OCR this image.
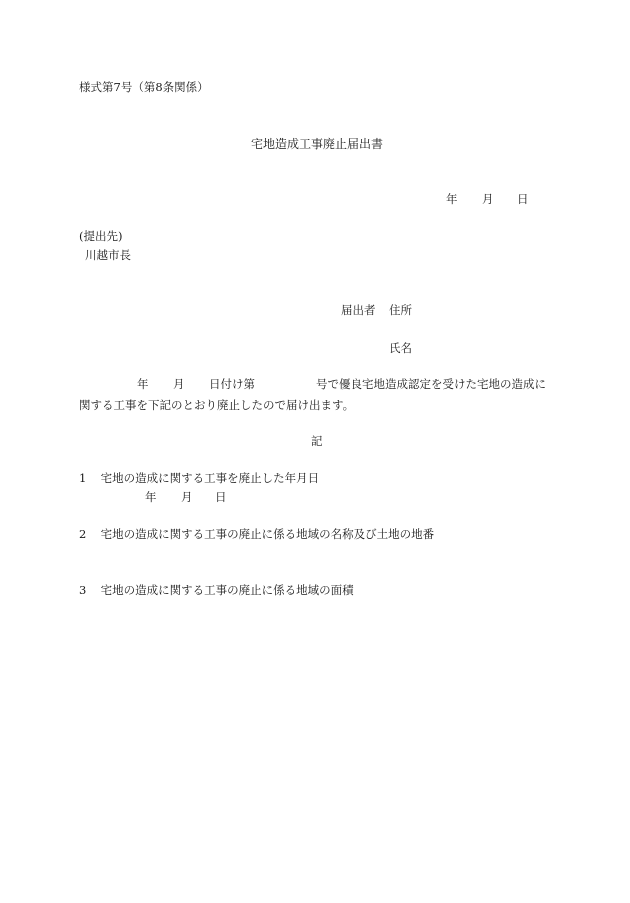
様式第7号（第8条関係）
宅地造成工事廃止届出書
年 月 日
(提出先)
川越市長
届出者 住所
氏名
年 月 日付け第	号で優良宅地造成認定を受けた宅地の造成に
関する工事を下記のとおり廃止したので届け出ます。
記
1 宅地の造成に関する工事を廃止した年月日
年 月 日
2 宅地の造成に関する工事の廃止に係る地域の名称及び土地の地番
3 宅地の造成に関する工事の廃止に係る地域の面積
